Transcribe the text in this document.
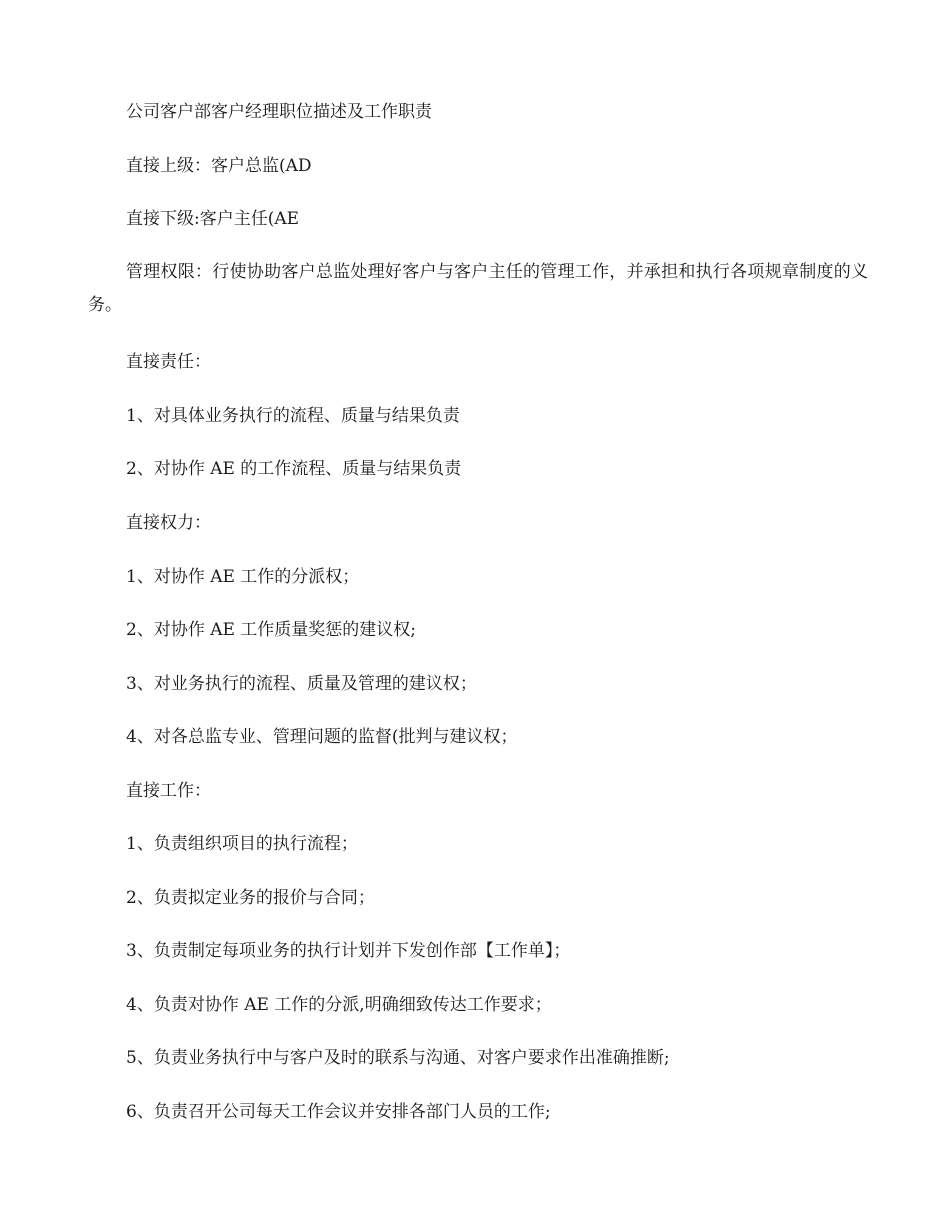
公司客户部客户经理职位描述及工作职责
直接上级：客户总监(AD
直接下级:客户主任(AE
管理权限：行使协助客户总监处理好客户与客户主任的管理工作，并承担和执行各项规章制度的义务。
直接责任：
1、对具体业务执行的流程、质量与结果负责
2、对协作 AE 的工作流程、质量与结果负责
直接权力：
1、对协作 AE 工作的分派权；
2、对协作 AE 工作质量奖惩的建议权;
3、对业务执行的流程、质量及管理的建议权；
4、对各总监专业、管理问题的监督(批判与建议权；
直接工作：
1、负责组织项目的执行流程；
2、负责拟定业务的报价与合同；
3、负责制定每项业务的执行计划并下发创作部【工作单】；
4、负责对协作 AE 工作的分派,明确细致传达工作要求；
5、负责业务执行中与客户及时的联系与沟通、对客户要求作出准确推断;
6、负责召开公司每天工作会议并安排各部门人员的工作;
